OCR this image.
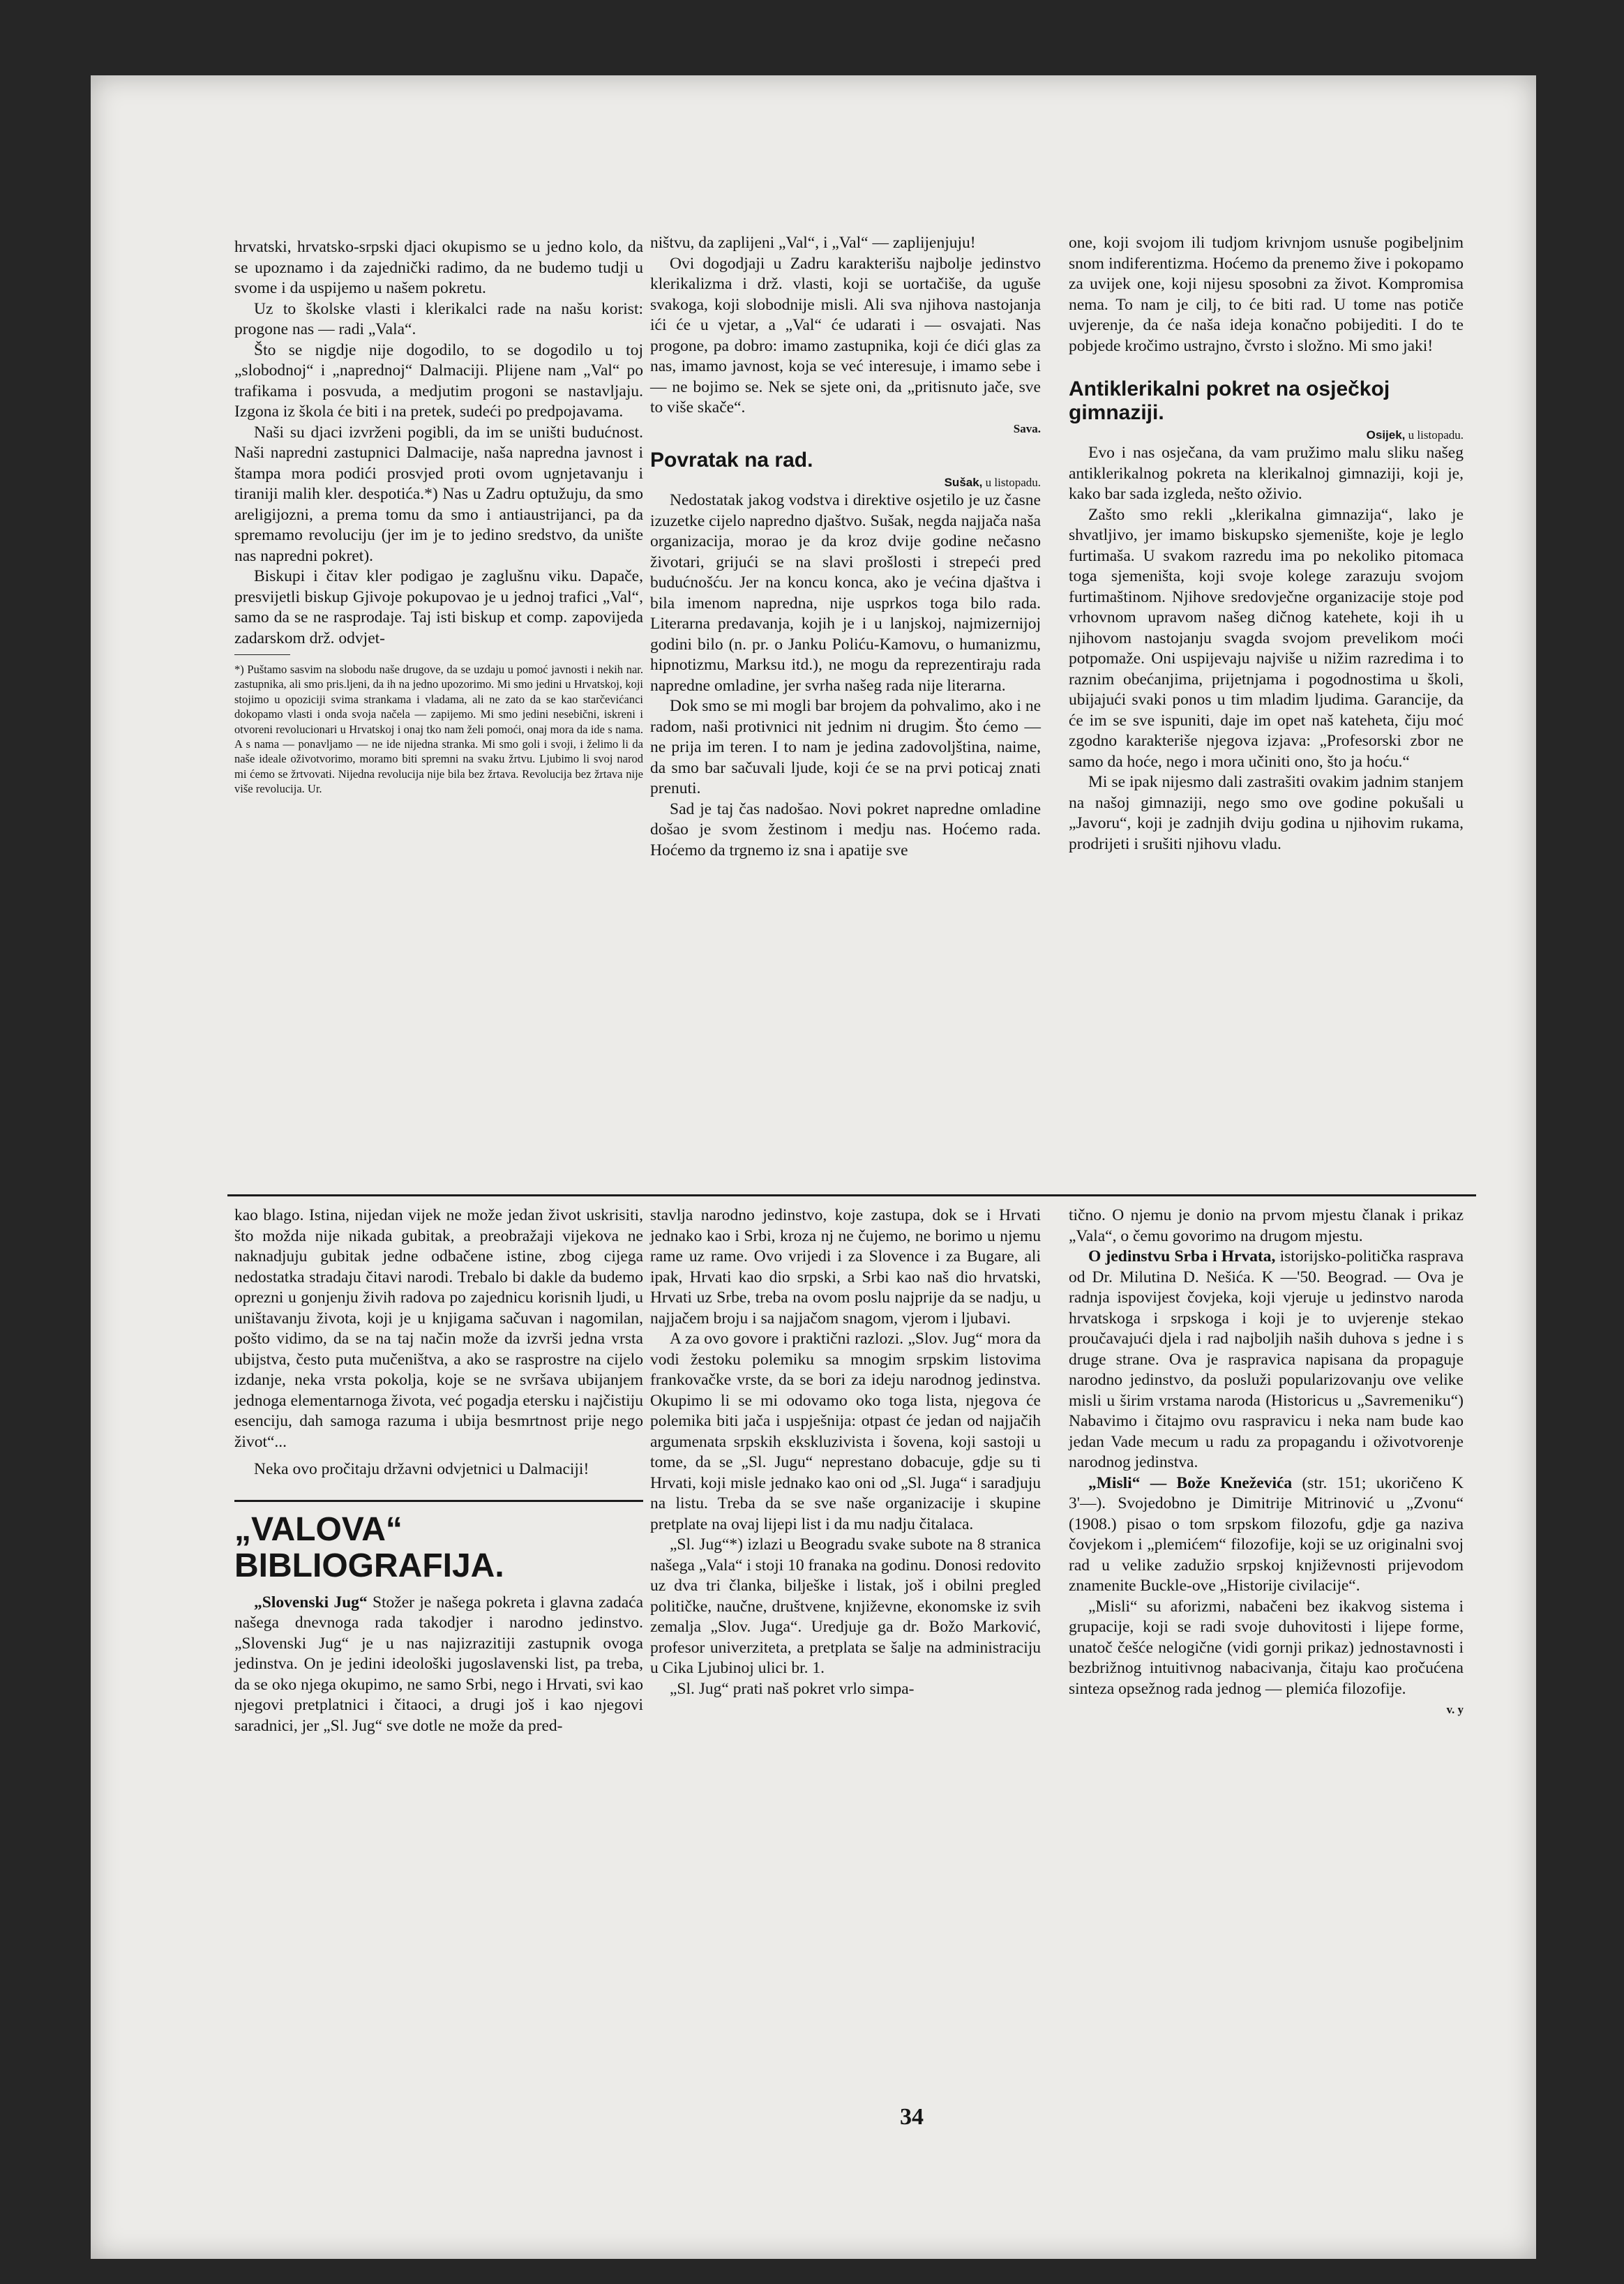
hrvatski, hrvatsko-srpski djaci okupismo se u jedno kolo, da se upoznamo i da zajednički radimo, da ne budemo tudji u svome i da uspijemo u našem pokretu.

Uz to školske vlasti i klerikalci rade na našu korist: progone nas — radi „Vala“.

Što se nigdje nije dogodilo, to se dogodilo u toj „slobodnoj“ i „naprednoj“ Dalmaciji. Plijene nam „Val“ po trafikama i posvuda, a medjutim progoni se nastavljaju. Izgona iz škola će biti i na pretek, sudeći po predpojavama.

Naši su djaci izvrženi pogibli, da im se uništi budućnost. Naši napredni zastupnici Dalmacije, naša napredna javnost i štampa mora podići prosvjed proti ovom ugnjetavanju i tiraniji malih kler. despotića.*) Nas u Zadru optužuju, da smo areligijozni, a prema tomu da smo i antiaustrijanci, pa da spremamo revoluciju (jer im je to jedino sredstvo, da unište nas napredni pokret).

Biskupi i čitav kler podigao je zaglušnu viku. Dapače, presvijetli biskup Gjivoje pokupovao je u jednoj trafici „Val“, samo da se ne rasprodaje. Taj isti biskup et comp. zapovijeda zadarskom drž. odvjet-

*) Puštamo sasvim na slobodu naše drugove, da se uzdaju u pomoć javnosti i nekih nar. zastupnika, ali smo pris.ljeni, da ih na jedno upozorimo. Mi smo jedini u Hrvatskoj, koji stojimo u opoziciji svima strankama i vladama, ali ne zato da se kao starčevićanci dokopamo vlasti i onda svoja načela — zapijemo. Mi smo jedini nesebični, iskreni i otvoreni revolucionari u Hrvatskoj i onaj tko nam želi pomoći, onaj mora da ide s nama. A s nama — ponavljamo — ne ide nijedna stranka. Mi smo goli i svoji, i želimo li da naše ideale oživotvorimo, moramo biti spremni na svaku žrtvu. Ljubimo li svoj narod mi ćemo se žrtvovati. Nijedna revolucija nije bila bez žrtava. Revolucija bez žrtava nije više revolucija. Ur.

ništvu, da zaplijeni „Val“, i „Val“ — zaplijenjuju!

Ovi dogodjaji u Zadru karakterišu najbolje jedinstvo klerikalizma i drž. vlasti, koji se uortačiše, da uguše svakoga, koji slobodnije misli. Ali sva njihova nastojanja ići će u vjetar, a „Val“ će udarati i — osvajati. Nas progone, pa dobro: imamo zastupnika, koji će dići glas za nas, imamo javnost, koja se već interesuje, i imamo sebe i — ne bojimo se. Nek se sjete oni, da „pritisnuto jače, sve to više skače“.

Sava.
Povratak na rad.
Sušak, u listopadu.

Nedostatak jakog vodstva i direktive osjetilo je uz časne izuzetke cijelo napredno djaštvo. Sušak, negda najjača naša organizacija, morao je da kroz dvije godine nečasno životari, grijući se na slavi prošlosti i strepeći pred budućnošću. Jer na koncu konca, ako je većina djaštva i bila imenom naprednа, nije usprkos toga bilo rada. Literarna predavanja, kojih je i u lanjskoj, najmizernijoj godini bilo (n. pr. o Janku Poliću-Kamovu, o humanizmu, hipnotizmu, Marksu itd.), ne mogu da reprezentiraju rada napredne omladine, jer svrha našeg rada nije literarna.

Dok smo se mi mogli bar brojem da pohvalimo, ako i ne radom, naši protivnici nit jednim ni drugim. Što ćemo — ne prija im teren. I to nam je jedina zadovoljština, naime, da smo bar sačuvali ljude, koji će se na prvi poticaj znati prenuti.

Sad je taj čas nadošao. Novi pokret napredne omladine došao je svom žestinom i medju nas. Hoćemo rada. Hoćemo da trgnemo iz sna i apatije sve

one, koji svojom ili tudjom krivnjom usnuše pogibeljnim snom indiferentizma. Hoćemo da prenemo žive i pokopamo za uvijek one, koji nijesu sposobni za život. Kompromisa nema. To nam je cilj, to će biti rad. U tome nas potiče uvjerenje, da će naša ideja konačno pobijediti. I do te pobjede kročimo ustrajno, čvrsto i složno. Mi smo jaki!

Antiklerikalni pokret na osječkoj gimnaziji.
Osijek, u listopadu.

Evo i nas osječana, da vam pružimo malu sliku našeg antiklerikalnog pokreta na klerikalnoj gimnaziji, koji je, kako bar sada izgleda, nešto oživio.

Zašto smo rekli „klerikalna gimnazija“, lako je shvatljivo, jer imamo biskupsko sjemenište, koje je leglo furtimaša. U svakom razredu ima po nekoliko pitomaca toga sjemeništa, koji svoje kolege zarazuju svojom furtimaštinom. Njihove sredovječne organizacije stoje pod vrhovnom upravom našeg dičnog katehete, koji ih u njihovom nastojanju svagda svojom prevelikom moći potpomaže. Oni uspijevaju najviše u nižim razredima i to raznim obećanjima, prijetnjama i pogodnostima u školi, ubijajući svaki ponos u tim mladim ljudima. Garancije, da će im se sve ispuniti, daje im opet naš kateheta, čiju moć zgodno karakteriše njegova izjava: „Profesorski zbor ne samo da hoće, nego i mora učiniti ono, što ja hoću.“

Mi se ipak nijesmo dali zastrašiti ovakim jadnim stanjem na našoj gimnaziji, nego smo ove godine pokušali u „Javoru“, koji je zadnjih dviju godina u njihovim rukama, prodrijeti i srušiti njihovu vladu.

kao blago. Istina, nijedan vijek ne može jedan život uskrisiti, što možda nije nikada gubitak, a preobražaji vijekova ne naknadjuju gubitak jedne odbačene istine, zbog cijega nedostatka stradaju čitavi narodi. Trebalo bi dakle da budemo oprezni u gonjenju živih radova po zajednicu korisnih ljudi, u uništavanju života, koji je u knjigama sačuvan i nagomilan, pošto vidimo, da se na taj način može da izvrši jedna vrsta ubijstva, često puta mučeništva, a ako se rasprostre na cijelo izdanje, neka vrsta pokolja, koje se ne svršava ubijanjem jednoga elementarnoga života, već pogadja etersku i najčistiju esenciju, dah samoga razuma i ubija besmrtnost prije nego život“...

Neka ovo pročitaju državni odvjetnici u Dalmaciji!

„VALOVA“ BIBLIOGRAFIJA.

„Slovenski Jug“ Stožer je našega pokreta i glavna zadaća našega dnevnoga rada takodjer i narodno jedinstvo. „Slovenski Jug“ je u nas najizrazitiji zastupnik ovoga jedinstva. On je jedini ideološki jugoslavenski list, pa treba, da se oko njega okupimo, ne samo Srbi, nego i Hrvati, svi kao njegovi pretplatnici i čitaoci, a drugi još i kao njegovi saradnici, jer „Sl. Jug“ sve dotle ne može da pred-

stavlja narodno jedinstvo, koje zastupa, dok se i Hrvati jednako kao i Srbi, kroza nj ne čujemo, ne borimo u njemu rame uz rame. Ovo vrijedi i za Slovence i za Bugare, ali ipak, Hrvati kao dio srpski, a Srbi kao naš dio hrvatski, Hrvati uz Srbe, treba na ovom poslu najprije da se nadju, u najjačem broju i sa najjačom snagom, vjerom i ljubavi.

A za ovo govore i praktični razlozi. „Slov. Jug“ mora da vodi žestoku polemiku sa mnogim srpskim listovima frankovačke vrste, da se bori za ideju narodnog jedinstva. Okupimo li se mi odovamo oko toga lista, njegova će polemika biti jača i uspješnija: otpast će jedan od najjačih argumenata srpskih ekskluzivista i šovena, koji sastoji u tome, da se „Sl. Jugu“ neprestano dobacuje, gdje su ti Hrvati, koji misle jednako kao oni od „Sl. Juga“ i saradjuju na listu. Treba da se sve naše organizacije i skupine pretplate na ovaj lijepi list i da mu nadju čitalaca.

„Sl. Jug“*) izlazi u Beogradu svake subote na 8 stranica našega „Vala“ i stoji 10 franaka na godinu. Donosi redovito uz dva tri članka, bilješke i listak, još i obilni pregled političke, naučne, društvene, književne, ekonomske iz svih zemalja „Slov. Juga“. Uredjuje ga dr. Božo Marković, profesor univerziteta, a pretplata se šalje na administraciju u Cika Ljubinoj ulici br. 1.

„Sl. Jug“ prati naš pokret vrlo simpa-

tično. O njemu je donio na prvom mjestu članak i prikaz „Vala“, o čemu govorimo na drugom mjestu.

O jedinstvu Srba i Hrvata, istorijsko-politička rasprava od Dr. Milutina D. Nešića. K —'50. Beograd. — Ova je radnja ispovijest čovjeka, koji vjeruje u jedinstvo naroda hrvatskoga i srpskoga i koji je to uvjerenje stekao proučavajući djela i rad najboljih naših duhova s jedne i s druge strane. Ova je raspravica napisana da propaguje narodno jedinstvo, da posluži popularizovanju ove velike misli u širim vrstama naroda (Historicus u „Savremeniku“) Nabavimo i čitajmo ovu raspravicu i neka nam bude kao jedan Vade mecum u radu za propagandu i oživotvorenje narodnog jedinstva.

„Misli“ — Bože Kneževića (str. 151; ukoričeno K 3'—). Svojedobno je Dimitrije Mitrinović u „Zvonu“ (1908.) pisao o tom srpskom filozofu, gdje ga naziva čovjekom i „plemićem“ filozofije, koji se uz originalni svoj rad u velike zadužio srpskoj književnosti prijevodom znamenite Buckle-ove „Historije civilacije“.

„Misli“ su aforizmi, nabačeni bez ikakvog sistema i grupacije, koji se radi svoje duhovitosti i lijepe forme, unatoč češće nelogične (vidi gornji prikaz) jednostavnosti i bezbrižnog intuitivnog nabacivanja, čitaju kao pročućena sinteza opsežnog rada jednog — plemića filozofije.

v. y
34
